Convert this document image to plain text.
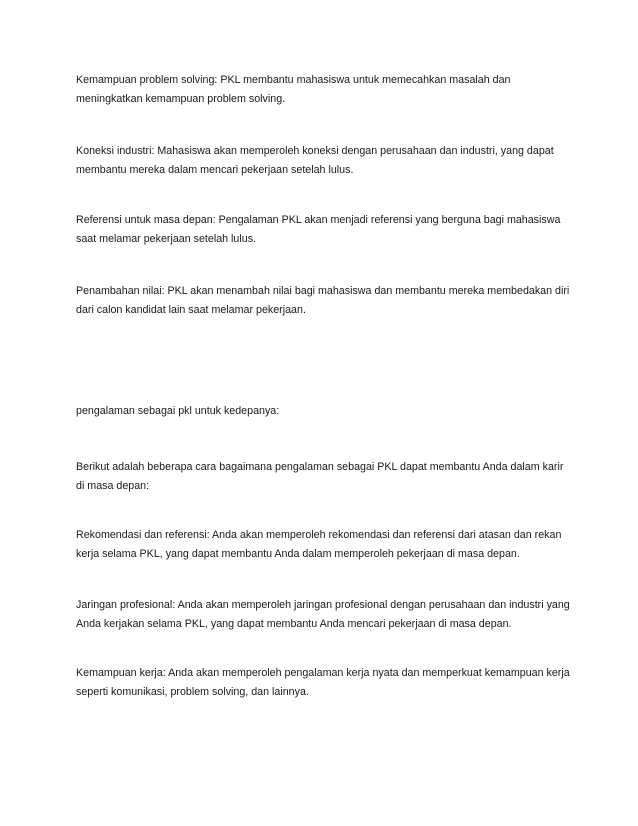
Kemampuan problem solving: PKL membantu mahasiswa untuk memecahkan masalah dan meningkatkan kemampuan problem solving.

Koneksi industri: Mahasiswa akan memperoleh koneksi dengan perusahaan dan industri, yang dapat membantu mereka dalam mencari pekerjaan setelah lulus.

Referensi untuk masa depan: Pengalaman PKL akan menjadi referensi yang berguna bagi mahasiswa saat melamar pekerjaan setelah lulus.

Penambahan nilai: PKL akan menambah nilai bagi mahasiswa dan membantu mereka membedakan diri dari calon kandidat lain saat melamar pekerjaan.

pengalaman sebagai pkl untuk kedepanya:

Berikut adalah beberapa cara bagaimana pengalaman sebagai PKL dapat membantu Anda dalam karir di masa depan:

Rekomendasi dan referensi: Anda akan memperoleh rekomendasi dan referensi dari atasan dan rekan kerja selama PKL, yang dapat membantu Anda dalam memperoleh pekerjaan di masa depan.

Jaringan profesional: Anda akan memperoleh jaringan profesional dengan perusahaan dan industri yang Anda kerjakan selama PKL, yang dapat membantu Anda mencari pekerjaan di masa depan.

Kemampuan kerja: Anda akan memperoleh pengalaman kerja nyata dan memperkuat kemampuan kerja seperti komunikasi, problem solving, dan lainnya.
